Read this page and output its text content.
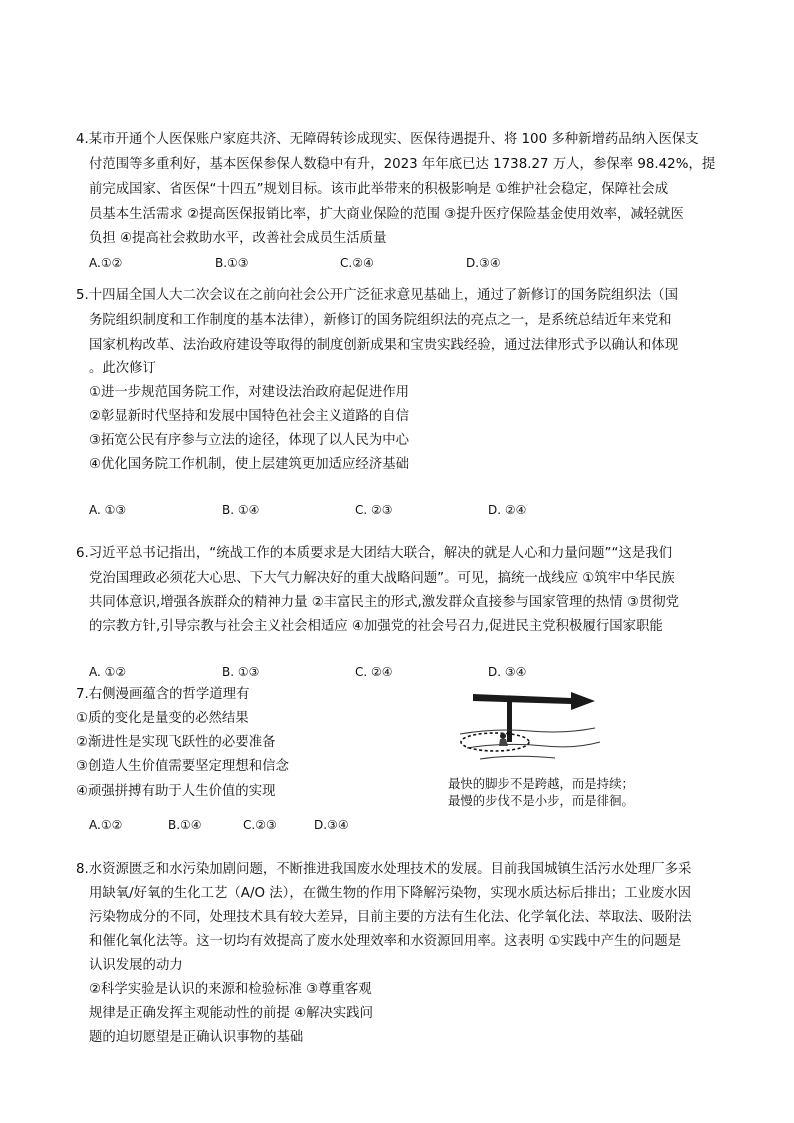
4.某市开通个人医保账户家庭共济、无障碍转诊成现实、医保待遇提升、将 100 多种新增药品纳入医保支
付范围等多重利好，基本医保参保人数稳中有升，2023 年年底已达 1738.27 万人，参保率 98.42%，提
前完成国家、省医保“十四五”规划目标。该市此举带来的积极影响是 ①维护社会稳定，保障社会成
员基本生活需求 ②提高医保报销比率，扩大商业保险的范围 ③提升医疗保险基金使用效率，减轻就医
负担 ④提高社会救助水平，改善社会成员生活质量
A.①②	B.①③	C.②④	D.③④
5.十四届全国人大二次会议在之前向社会公开广泛征求意见基础上，通过了新修订的国务院组织法（国
务院组织制度和工作制度的基本法律），新修订的国务院组织法的亮点之一，是系统总结近年来党和
国家机构改革、法治政府建设等取得的制度创新成果和宝贵实践经验，通过法律形式予以确认和体现
。此次修订
①进一步规范国务院工作，对建设法治政府起促进作用
②彰显新时代坚持和发展中国特色社会主义道路的自信
③拓宽公民有序参与立法的途径，体现了以人民为中心
④优化国务院工作机制，使上层建筑更加适应经济基础
A. ①③	B. ①④	C. ②③	D. ②④
6.习近平总书记指出，“统战工作的本质要求是大团结大联合，解决的就是人心和力量问题”“这是我们
党治国理政必须花大心思、下大气力解决好的重大战略问题”。可见，搞统一战线应 ①筑牢中华民族
共同体意识,增强各族群众的精神力量 ②丰富民主的形式,激发群众直接参与国家管理的热情 ③贯彻党
的宗教方针,引导宗教与社会主义社会相适应 ④加强党的社会号召力,促进民主党积极履行国家职能
A. ①②	B. ①③	C. ②④	D. ③④
7.右侧漫画蕴含的哲学道理有
①质的变化是量变的必然结果
②渐进性是实现飞跃性的必要准备
③创造人生价值需要坚定理想和信念
④顽强拼搏有助于人生价值的实现
最快的脚步不是跨越，而是持续；
最慢的步伐不是小步，而是徘徊。
A.①②	B.①④	C.②③	D.③④
8.水资源匮乏和水污染加剧问题，不断推进我国废水处理技术的发展。目前我国城镇生活污水处理厂多采
用缺氧/好氧的生化工艺（A/O 法），在微生物的作用下降解污染物，实现水质达标后排出；工业废水因
污染物成分的不同，处理技术具有较大差异，目前主要的方法有生化法、化学氧化法、萃取法、吸附法
和催化氧化法等。这一切均有效提高了废水处理效率和水资源回用率。这表明 ①实践中产生的问题是
认识发展的动力
②科学实验是认识的来源和检验标准 ③尊重客观
规律是正确发挥主观能动性的前提 ④解决实践问
题的迫切愿望是正确认识事物的基础
